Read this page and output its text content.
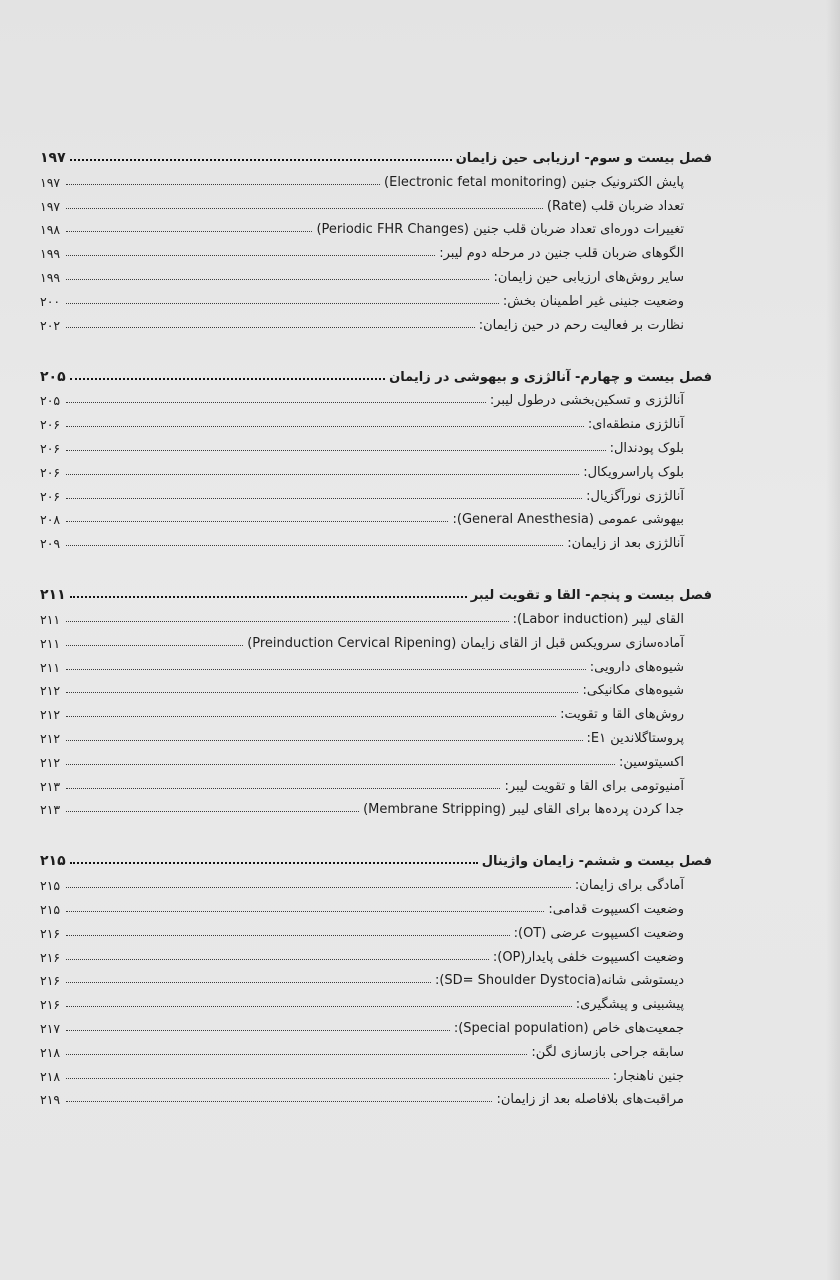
فصل بیست و سوم- ارزیابی حین زایمان
۱۹۷
پایش الکترونیک جنین (Electronic fetal monitoring)
۱۹۷
تعداد ضربان قلب (Rate)
۱۹۷
تغییرات دوره‌ای تعداد ضربان قلب جنین (Periodic FHR Changes)
۱۹۸
الگوهای ضربان قلب جنین در مرحله دوم لیبر:
۱۹۹
سایر روش‌های ارزیابی حین زایمان:
۱۹۹
وضعیت جنینی غیر اطمینان بخش:
۲۰۰
نظارت بر فعالیت رحم در حین زایمان:
۲۰۲
فصل بیست و چهارم- آنالژزی و بیهوشی در زایمان
۲۰۵
آنالژزی و تسکین‌بخشی درطول لیبر:
۲۰۵
آنالژزی منطقه‌ای:
۲۰۶
بلوک پودندال:
۲۰۶
بلوک پاراسرویکال:
۲۰۶
آنالژزی نورآگزیال:
۲۰۶
بیهوشی عمومی (General Anesthesia):
۲۰۸
آنالژزی بعد از زایمان:
۲۰۹
فصل بیست و پنجم- القا و تقویت لیبر
۲۱۱
القای لیبر (Labor induction):
۲۱۱
آماده‌سازی سرویکس قبل از القای زایمان (Preinduction Cervical Ripening)
۲۱۱
شیوه‌های دارویی:
۲۱۱
شیوه‌های مکانیکی:
۲۱۲
روش‌های القا و تقویت:
۲۱۲
پروستاگلاندین E۱:
۲۱۲
اکسیتوسین:
۲۱۲
آمنیوتومی برای القا و تقویت لیبر:
۲۱۳
جدا کردن پرده‌ها برای القای لیبر (Membrane Stripping)
۲۱۳
فصل بیست و ششم- زایمان واژینال
۲۱۵
آمادگی برای زایمان:
۲۱۵
وضعیت اکسیپوت قدامی:
۲۱۵
وضعیت اکسیپوت عرضی (OT):
۲۱۶
وضعیت اکسیپوت خلفی پایدار(OP):
۲۱۶
دیستوشی شانه(SD= Shoulder Dystocia):
۲۱۶
پیشبینی و پیشگیری:
۲۱۶
جمعیت‌های خاص (Special population):
۲۱۷
سابقه جراحی بازسازی لگن:
۲۱۸
جنین ناهنجار:
۲۱۸
مراقبت‌های بلافاصله بعد از زایمان:
۲۱۹
